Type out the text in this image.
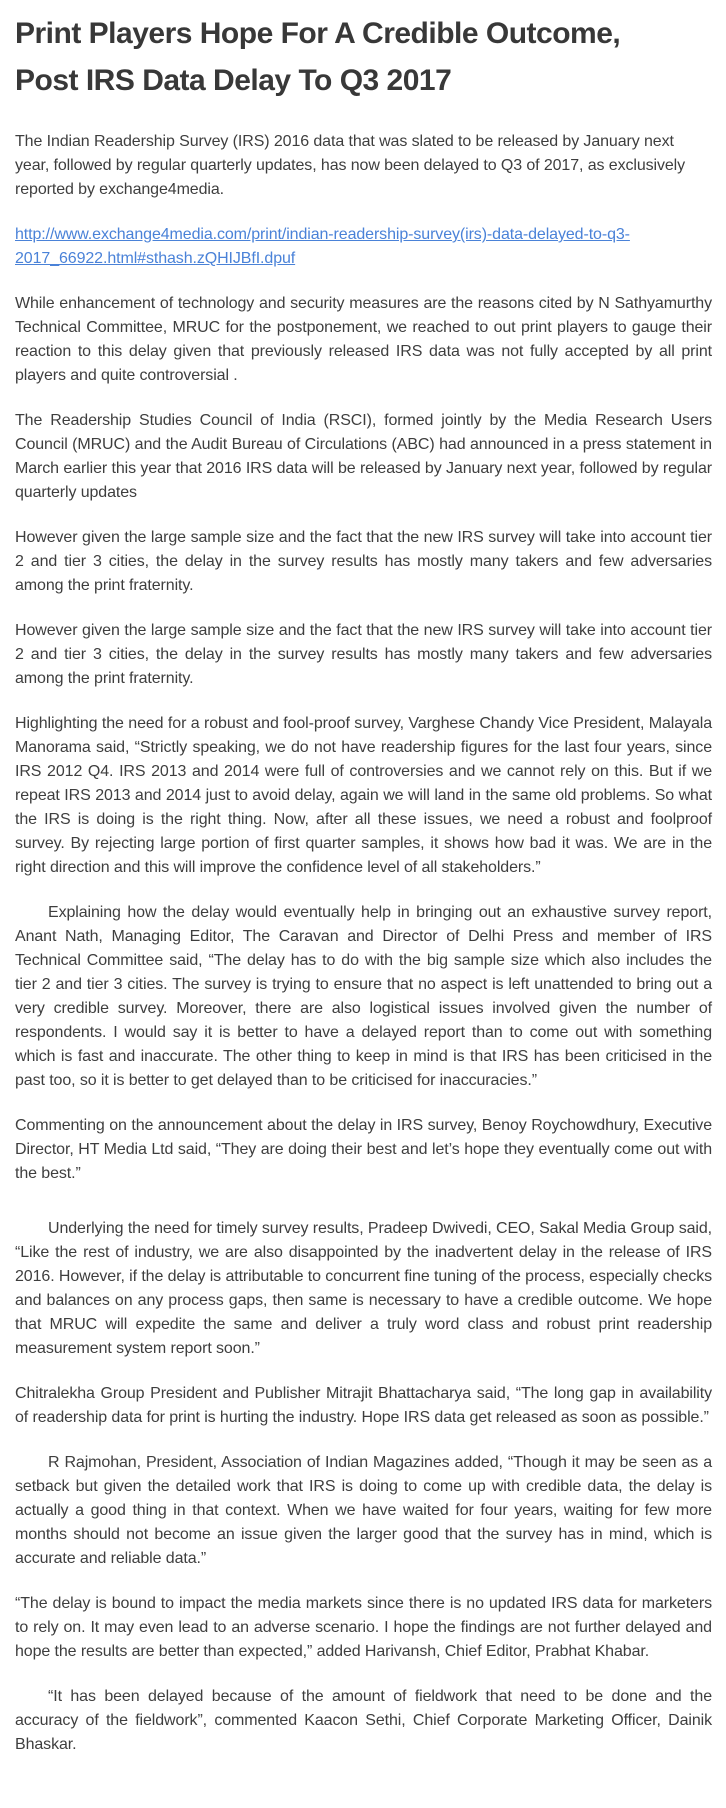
Print Players Hope For A Credible Outcome,
Post IRS Data Delay To Q3 2017

The Indian Readership Survey (IRS) 2016 data that was slated to be released by January next year, followed by regular quarterly updates, has now been delayed to Q3 of 2017, as exclusively reported by exchange4media.

http://www.exchange4media.com/print/indian-readership-survey(irs)-data-delayed-to-q3-2017_66922.html#sthash.zQHIJBfI.dpuf

While enhancement of technology and security measures are the reasons cited by N Sathyamurthy Technical Committee, MRUC for the postponement, we reached to out print players to gauge their reaction to this delay given that previously released IRS data was not fully accepted by all print players and quite controversial .

The Readership Studies Council of India (RSCI), formed jointly by the Media Research Users Council (MRUC) and the Audit Bureau of Circulations (ABC) had announced in a press statement in March earlier this year that 2016 IRS data will be released by January next year, followed by regular quarterly updates

However given the large sample size and the fact that the new IRS survey will take into account tier 2 and tier 3 cities, the delay in the survey results has mostly many takers and few adversaries among the print fraternity.

However given the large sample size and the fact that the new IRS survey will take into account tier 2 and tier 3 cities, the delay in the survey results has mostly many takers and few adversaries among the print fraternity.

Highlighting the need for a robust and fool-proof survey, Varghese Chandy Vice President, Malayala Manorama said, “Strictly speaking, we do not have readership figures for the last four years, since IRS 2012 Q4. IRS 2013 and 2014 were full of controversies and we cannot rely on this. But if we repeat IRS 2013 and 2014 just to avoid delay, again we will land in the same old problems. So what the IRS is doing is the right thing. Now, after all these issues, we need a robust and foolproof survey. By rejecting large portion of first quarter samples, it shows how bad it was. We are in the right direction and this will improve the confidence level of all stakeholders.”

Explaining how the delay would eventually help in bringing out an exhaustive survey report, Anant Nath, Managing Editor, The Caravan and Director of Delhi Press and member of IRS Technical Committee said, “The delay has to do with the big sample size which also includes the tier 2 and tier 3 cities. The survey is trying to ensure that no aspect is left unattended to bring out a very credible survey. Moreover, there are also logistical issues involved given the number of respondents. I would say it is better to have a delayed report than to come out with something which is fast and inaccurate. The other thing to keep in mind is that IRS has been criticised in the past too, so it is better to get delayed than to be criticised for inaccuracies.”

Commenting on the announcement about the delay in IRS survey, Benoy Roychowdhury, Executive Director, HT Media Ltd said, “They are doing their best and let’s hope they eventually come out with the best.”

Underlying the need for timely survey results, Pradeep Dwivedi, CEO, Sakal Media Group said, “Like the rest of industry, we are also disappointed by the inadvertent delay in the release of IRS 2016. However, if the delay is attributable to concurrent fine tuning of the process, especially checks and balances on any process gaps, then same is necessary to have a credible outcome. We hope that MRUC will expedite the same and deliver a truly word class and robust print readership measurement system report soon.”

Chitralekha Group President and Publisher Mitrajit Bhattacharya said, “The long gap in availability of readership data for print is hurting the industry. Hope IRS data get released as soon as possible.”

R Rajmohan, President, Association of Indian Magazines added, “Though it may be seen as a setback but given the detailed work that IRS is doing to come up with credible data, the delay is actually a good thing in that context. When we have waited for four years, waiting for few more months should not become an issue given the larger good that the survey has in mind, which is accurate and reliable data.”

“The delay is bound to impact the media markets since there is no updated IRS data for marketers to rely on. It may even lead to an adverse scenario. I hope the findings are not further delayed and hope the results are better than expected,” added Harivansh, Chief Editor, Prabhat Khabar.

“It has been delayed because of the amount of fieldwork that need to be done and the accuracy of the fieldwork”, commented Kaacon Sethi, Chief Corporate Marketing Officer, Dainik Bhaskar.
